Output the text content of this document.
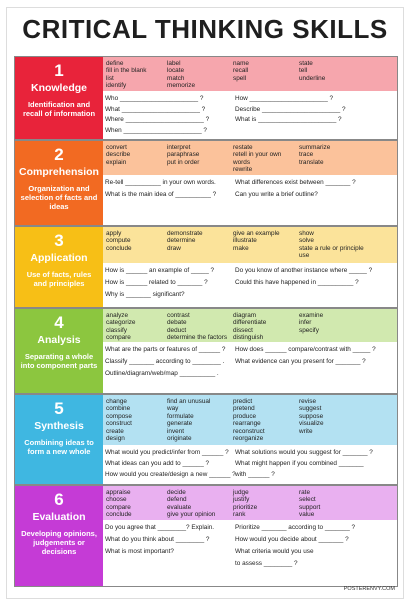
CRITICAL THINKING SKILLS
1
Knowledge
Identification and recall of information
define
fill in the blank
list
identify
label
locate
match
memorize
name
recall
spell
state
tell
underline
Who ______________________ ?
What ______________________ ?
Where ______________________ ?
When ______________________ ?
How ______________________ ?
Describe ______________________ ?
What is ______________________ ?
2
Comprehension
Organization and selection of facts and ideas
convert
describe
explain
interpret
paraphrase
put in order
restate
retell in your own
words
rewrite
summarize
trace
translate
Re-tell __________ in your own words.
What is the main idea of __________ ?
What differences exist between _______ ?
Can you write a brief outline?
3
Application
Use of facts, rules and principles
apply
compute
conclude
demonstrate
determine
draw
give an example
illustrate
make
show
solve
state a rule or principle
use
How is ______ an example of _____ ?
How is ______ related to _______ ?
Why is _______ significant?
Do you know of another instance where _____ ?
Could this have happened in __________ ?
4
Analysis
Separating a whole into component parts
analyze
categorize
classify
compare
contrast
debate
deduct
determine the factors
diagram
differentiate
dissect
distinguish
examine
infer
specify
What are the parts or features of ______ ?
Classify _______ according to ________ .
Outline/diagram/web/map __________ .
How does ______ compare/contrast with _____ ?
What evidence can you present for _______ ?
5
Synthesis
Combining ideas to form a new whole
change
combine
compose
construct
create
design
find an unusual
way
formulate
generate
invent
originate
predict
pretend
produce
rearrange
reconstruct
reorganize
revise
suggest
suppose
visualize
write
What would you predict/infer from ______ ?
What ideas can you add to ______ ?
How would you create/design a new ______ ?
What solutions would you suggest for _______ ?
What might happen if you combined _______
with ______ ?
6
Evaluation
Developing opinions, judgements or decisions
appraise
choose
compare
conclude
decide
defend
evaluate
give your opinion
judge
justify
prioritize
rank
rate
select
support
value
Do you agree that ________? Explain.
What do you think about ________ ?
What is most important?
Prioritize _______ according to _______ ?
How would you decide about _______ ?
What criteria would you use
to assess ________ ?
POSTERENVY.COM
